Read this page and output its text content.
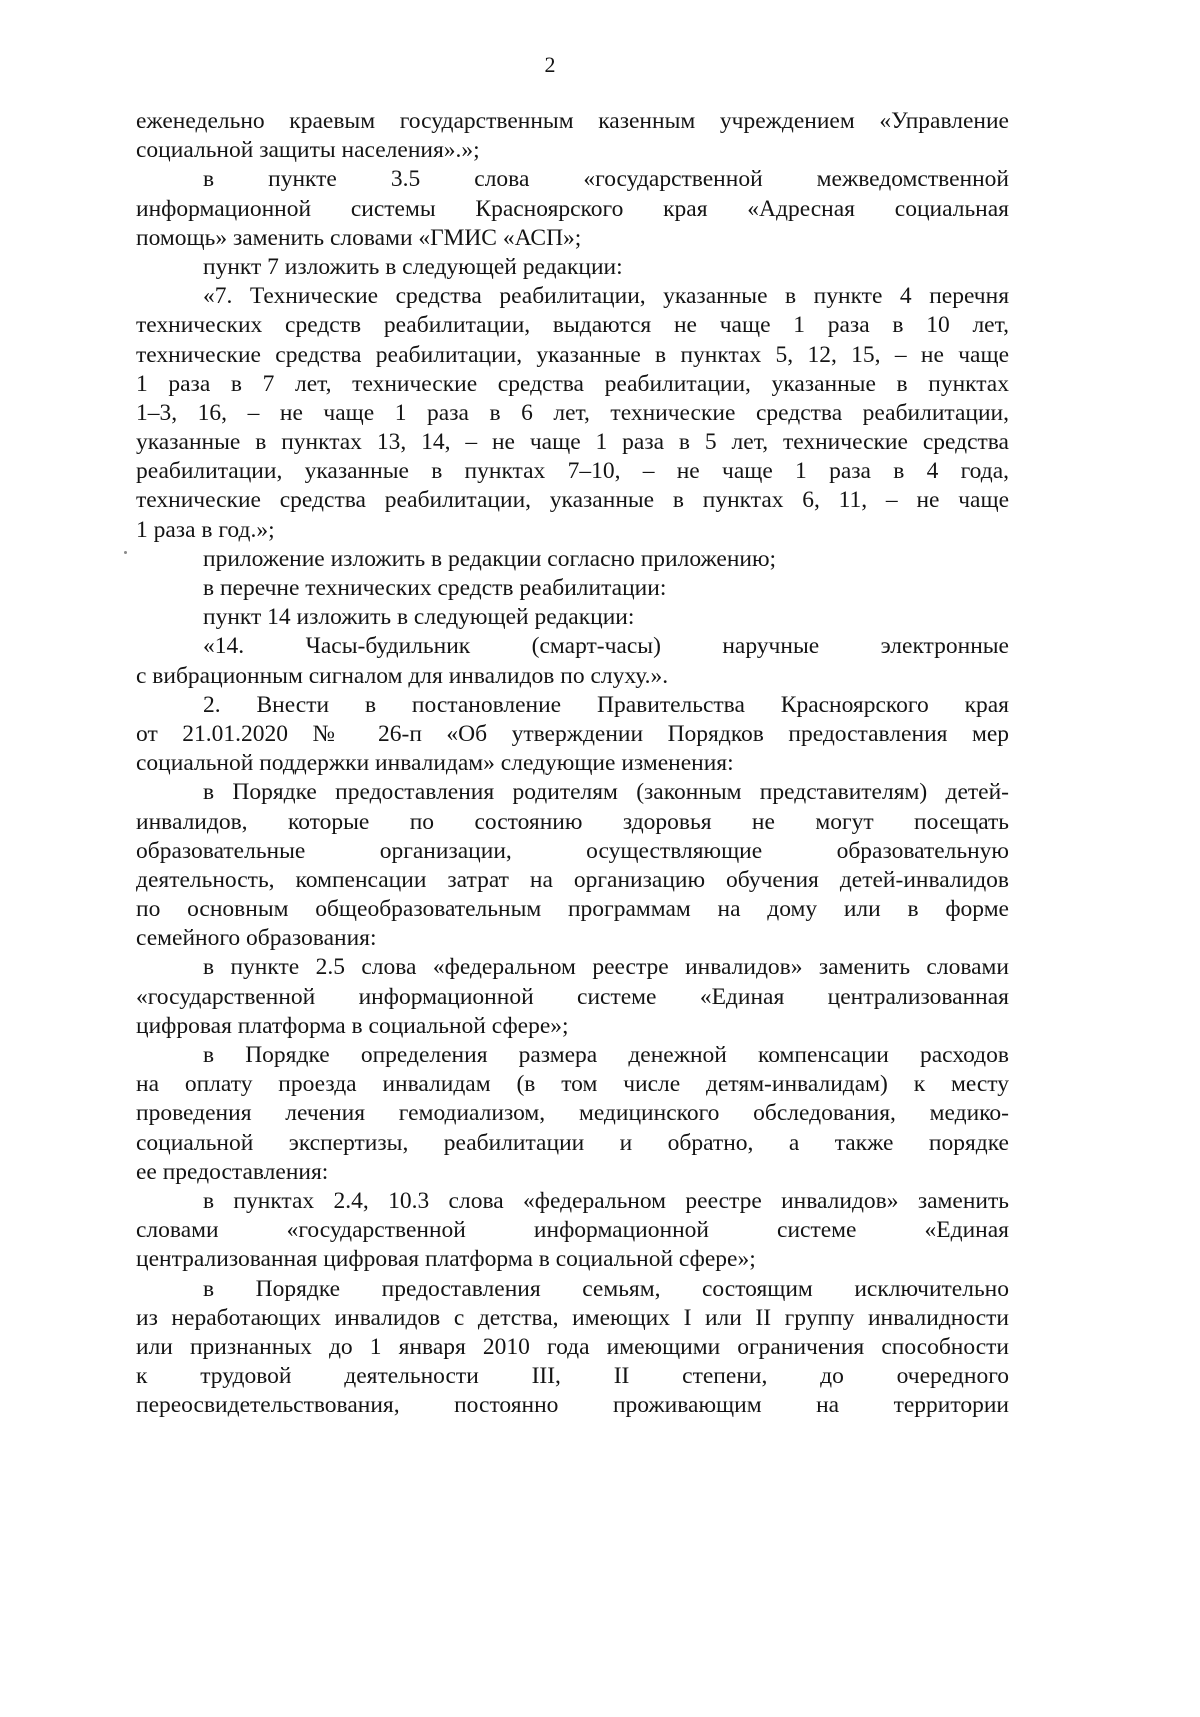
2
еженедельно краевым государственным казенным учреждением «Управление
социальной защиты населения».»;
в пункте 3.5 слова «государственной межведомственной
информационной системы Красноярского края «Адресная социальная
помощь» заменить словами «ГМИС «АСП»;
пункт 7 изложить в следующей редакции:
«7. Технические средства реабилитации, указанные в пункте 4 перечня
технических средств реабилитации, выдаются не чаще 1 раза в 10 лет,
технические средства реабилитации, указанные в пунктах 5, 12, 15, – не чаще
1 раза в 7 лет, технические средства реабилитации, указанные в пунктах
1–3, 16, – не чаще 1 раза в 6 лет, технические средства реабилитации,
указанные в пунктах 13, 14, – не чаще 1 раза в 5 лет, технические средства
реабилитации, указанные в пунктах 7–10, – не чаще 1 раза в 4 года,
технические средства реабилитации, указанные в пунктах 6, 11, – не чаще
1 раза в год.»;
приложение изложить в редакции согласно приложению;
в перечне технических средств реабилитации:
пункт 14 изложить в следующей редакции:
«14. Часы-будильник (смарт-часы) наручные электронные
с вибрационным сигналом для инвалидов по слуху.».
2. Внести в постановление Правительства Красноярского края
от 21.01.2020 № 26-п «Об утверждении Порядков предоставления мер
социальной поддержки инвалидам» следующие изменения:
в Порядке предоставления родителям (законным представителям) детей-
инвалидов, которые по состоянию здоровья не могут посещать
образовательные организации, осуществляющие образовательную
деятельность, компенсации затрат на организацию обучения детей-инвалидов
по основным общеобразовательным программам на дому или в форме
семейного образования:
в пункте 2.5 слова «федеральном реестре инвалидов» заменить словами
«государственной информационной системе «Единая централизованная
цифровая платформа в социальной сфере»;
в Порядке определения размера денежной компенсации расходов
на оплату проезда инвалидам (в том числе детям-инвалидам) к месту
проведения лечения гемодиализом, медицинского обследования, медико-
социальной экспертизы, реабилитации и обратно, а также порядке
ее предоставления:
в пунктах 2.4, 10.3 слова «федеральном реестре инвалидов» заменить
словами «государственной информационной системе «Единая
централизованная цифровая платформа в социальной сфере»;
в Порядке предоставления семьям, состоящим исключительно
из неработающих инвалидов с детства, имеющих I или II группу инвалидности
или признанных до 1 января 2010 года имеющими ограничения способности
к трудовой деятельности III, II степени, до очередного
переосвидетельствования, постоянно проживающим на территории
